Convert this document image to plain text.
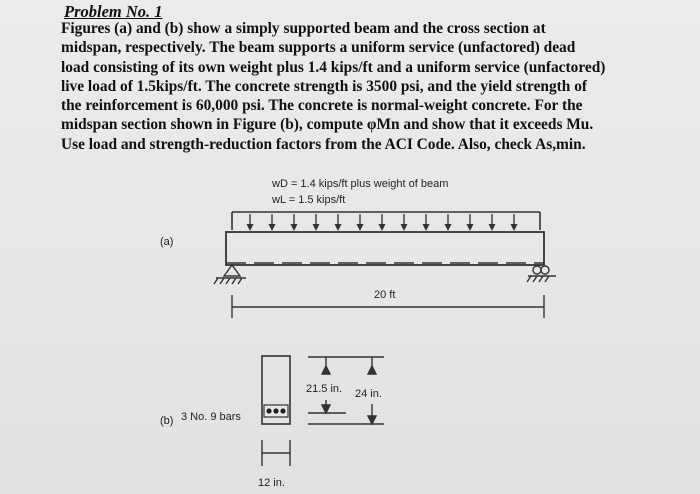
Problem No. 1
Figures (a) and (b) show a simply supported beam and the cross section at
midspan, respectively. The beam supports a uniform service (unfactored) dead
load consisting of its own weight plus 1.4 kips/ft and a uniform service (unfactored)
live load of 1.5kips/ft. The concrete strength is 3500 psi, and the yield strength of
the reinforcement is 60,000 psi. The concrete is normal-weight concrete. For the
midspan section shown in Figure (b), compute φMn and show that it exceeds Mu.
Use load and strength-reduction factors from the ACI Code. Also, check As,min.
wD = 1.4 kips/ft plus weight of beam
wL = 1.5 kips/ft
(a)
20 ft
(b) 3 No. 9 bars
12 in.
21.5 in. 24 in.
